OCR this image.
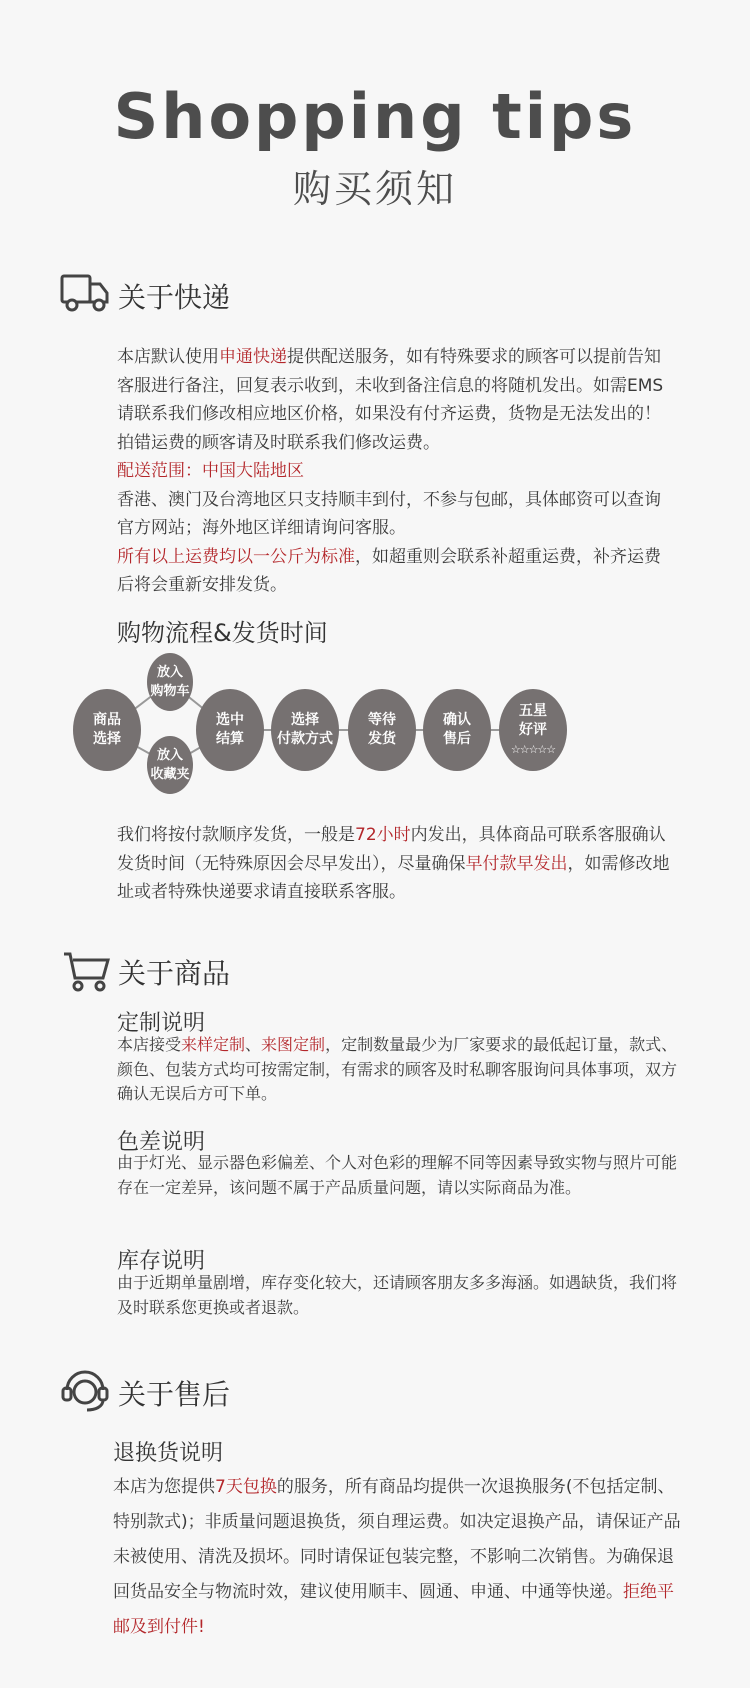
Shopping tips
购买须知
关于快递
本店默认使用申通快递提供配送服务，如有特殊要求的顾客可以提前告知客服进行备注，回复表示收到，未收到备注信息的将随机发出。如需EMS请联系我们修改相应地区价格，如果没有付齐运费，货物是无法发出的！拍错运费的顾客请及时联系我们修改运费。
配送范围：中国大陆地区
香港、澳门及台湾地区只支持顺丰到付，不参与包邮，具体邮资可以查询官方网站；海外地区详细请询问客服。
所有以上运费均以一公斤为标准，如超重则会联系补超重运费，补齐运费后将会重新安排发货。
购物流程&发货时间
商品
选择
放入
购物车
放入
收藏夹
选中
结算
选择
付款方式
等待
发货
确认
售后
五星
好评
☆☆☆☆☆
我们将按付款顺序发货，一般是72小时内发出，具体商品可联系客服确认发货时间（无特殊原因会尽早发出），尽量确保早付款早发出，如需修改地址或者特殊快递要求请直接联系客服。
关于商品
定制说明
本店接受来样定制、来图定制，定制数量最少为厂家要求的最低起订量，款式、颜色、包装方式均可按需定制，有需求的顾客及时私聊客服询问具体事项，双方确认无误后方可下单。
色差说明
由于灯光、显示器色彩偏差、个人对色彩的理解不同等因素导致实物与照片可能存在一定差异，该问题不属于产品质量问题，请以实际商品为准。
库存说明
由于近期单量剧增，库存变化较大，还请顾客朋友多多海涵。如遇缺货，我们将及时联系您更换或者退款。
关于售后
退换货说明
本店为您提供7天包换的服务，所有商品均提供一次退换服务(不包括定制、特别款式)；非质量问题退换货，须自理运费。如决定退换产品，请保证产品未被使用、清洗及损坏。同时请保证包装完整，不影响二次销售。为确保退回货品安全与物流时效，建议使用顺丰、圆通、申通、中通等快递。拒绝平邮及到付件!
